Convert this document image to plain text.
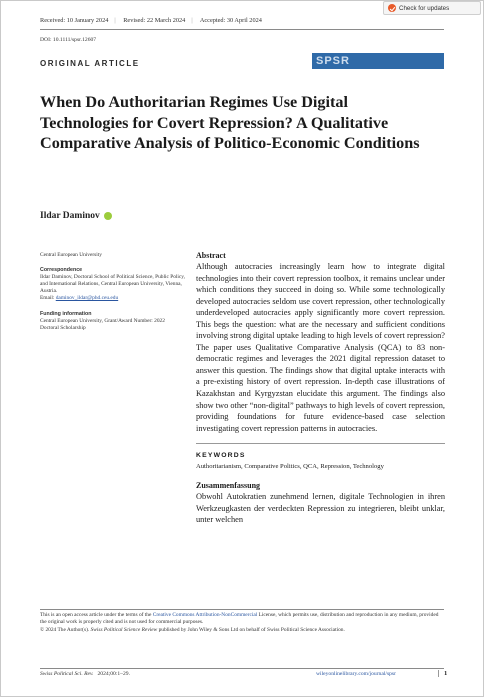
Check for updates
Received: 10 January 2024 | Revised: 22 March 2024 | Accepted: 30 April 2024
DOI: 10.1111/spsr.12607
ORIGINAL ARTICLE	SPSR
When Do Authoritarian Regimes Use Digital Technologies for Covert Repression? A Qualitative Comparative Analysis of Politico-Economic Conditions
Ildar Daminov
Central European University
Correspondence
Ildar Daminov, Doctoral School of Political Science, Public Policy, and International Relations, Central European University, Vienna, Austria.
Email: daminov_ildar@phd.ceu.edu
Funding information
Central European University, Grant/Award Number: 2022 Doctoral Scholarship
Abstract

Although autocracies increasingly learn how to integrate digital technologies into their covert repression toolbox, it remains unclear under which conditions they succeed in doing so. While some technologically developed autocracies seldom use covert repression, other technologically underdeveloped autocracies apply significantly more covert repression. This begs the question: what are the necessary and sufficient conditions involving strong digital uptake leading to high levels of covert repression? The paper uses Qualitative Comparative Analysis (QCA) to 83 non-democratic regimes and leverages the 2021 digital repression dataset to answer this question. The findings show that digital uptake interacts with a pre-existing history of overt repression. In-depth case illustrations of Kazakhstan and Kyrgyzstan elucidate this argument. The findings also show two other “non-digital” pathways to high levels of covert repression, providing foundations for future evidence-based case selection investigating covert repression patterns in autocracies.

KEYWORDS
Authoritarianism, Comparative Politics, QCA, Repression, Technology
Zusammenfassung

Obwohl Autokratien zunehmend lernen, digitale Technologien in ihren Werkzeugkasten der verdeckten Repression zu integrieren, bleibt unklar, unter welchen

This is an open access article under the terms of the Creative Commons Attribution-NonCommercial License, which permits use, distribution and reproduction in any medium, provided the original work is properly cited and is not used for commercial purposes.
© 2024 The Author(s). Swiss Political Science Review published by John Wiley & Sons Ltd on behalf of Swiss Political Science Association.
Swiss Political Sci. Rev. 2024;00:1–29.	wileyonlinelibrary.com/journal/spsr	1
